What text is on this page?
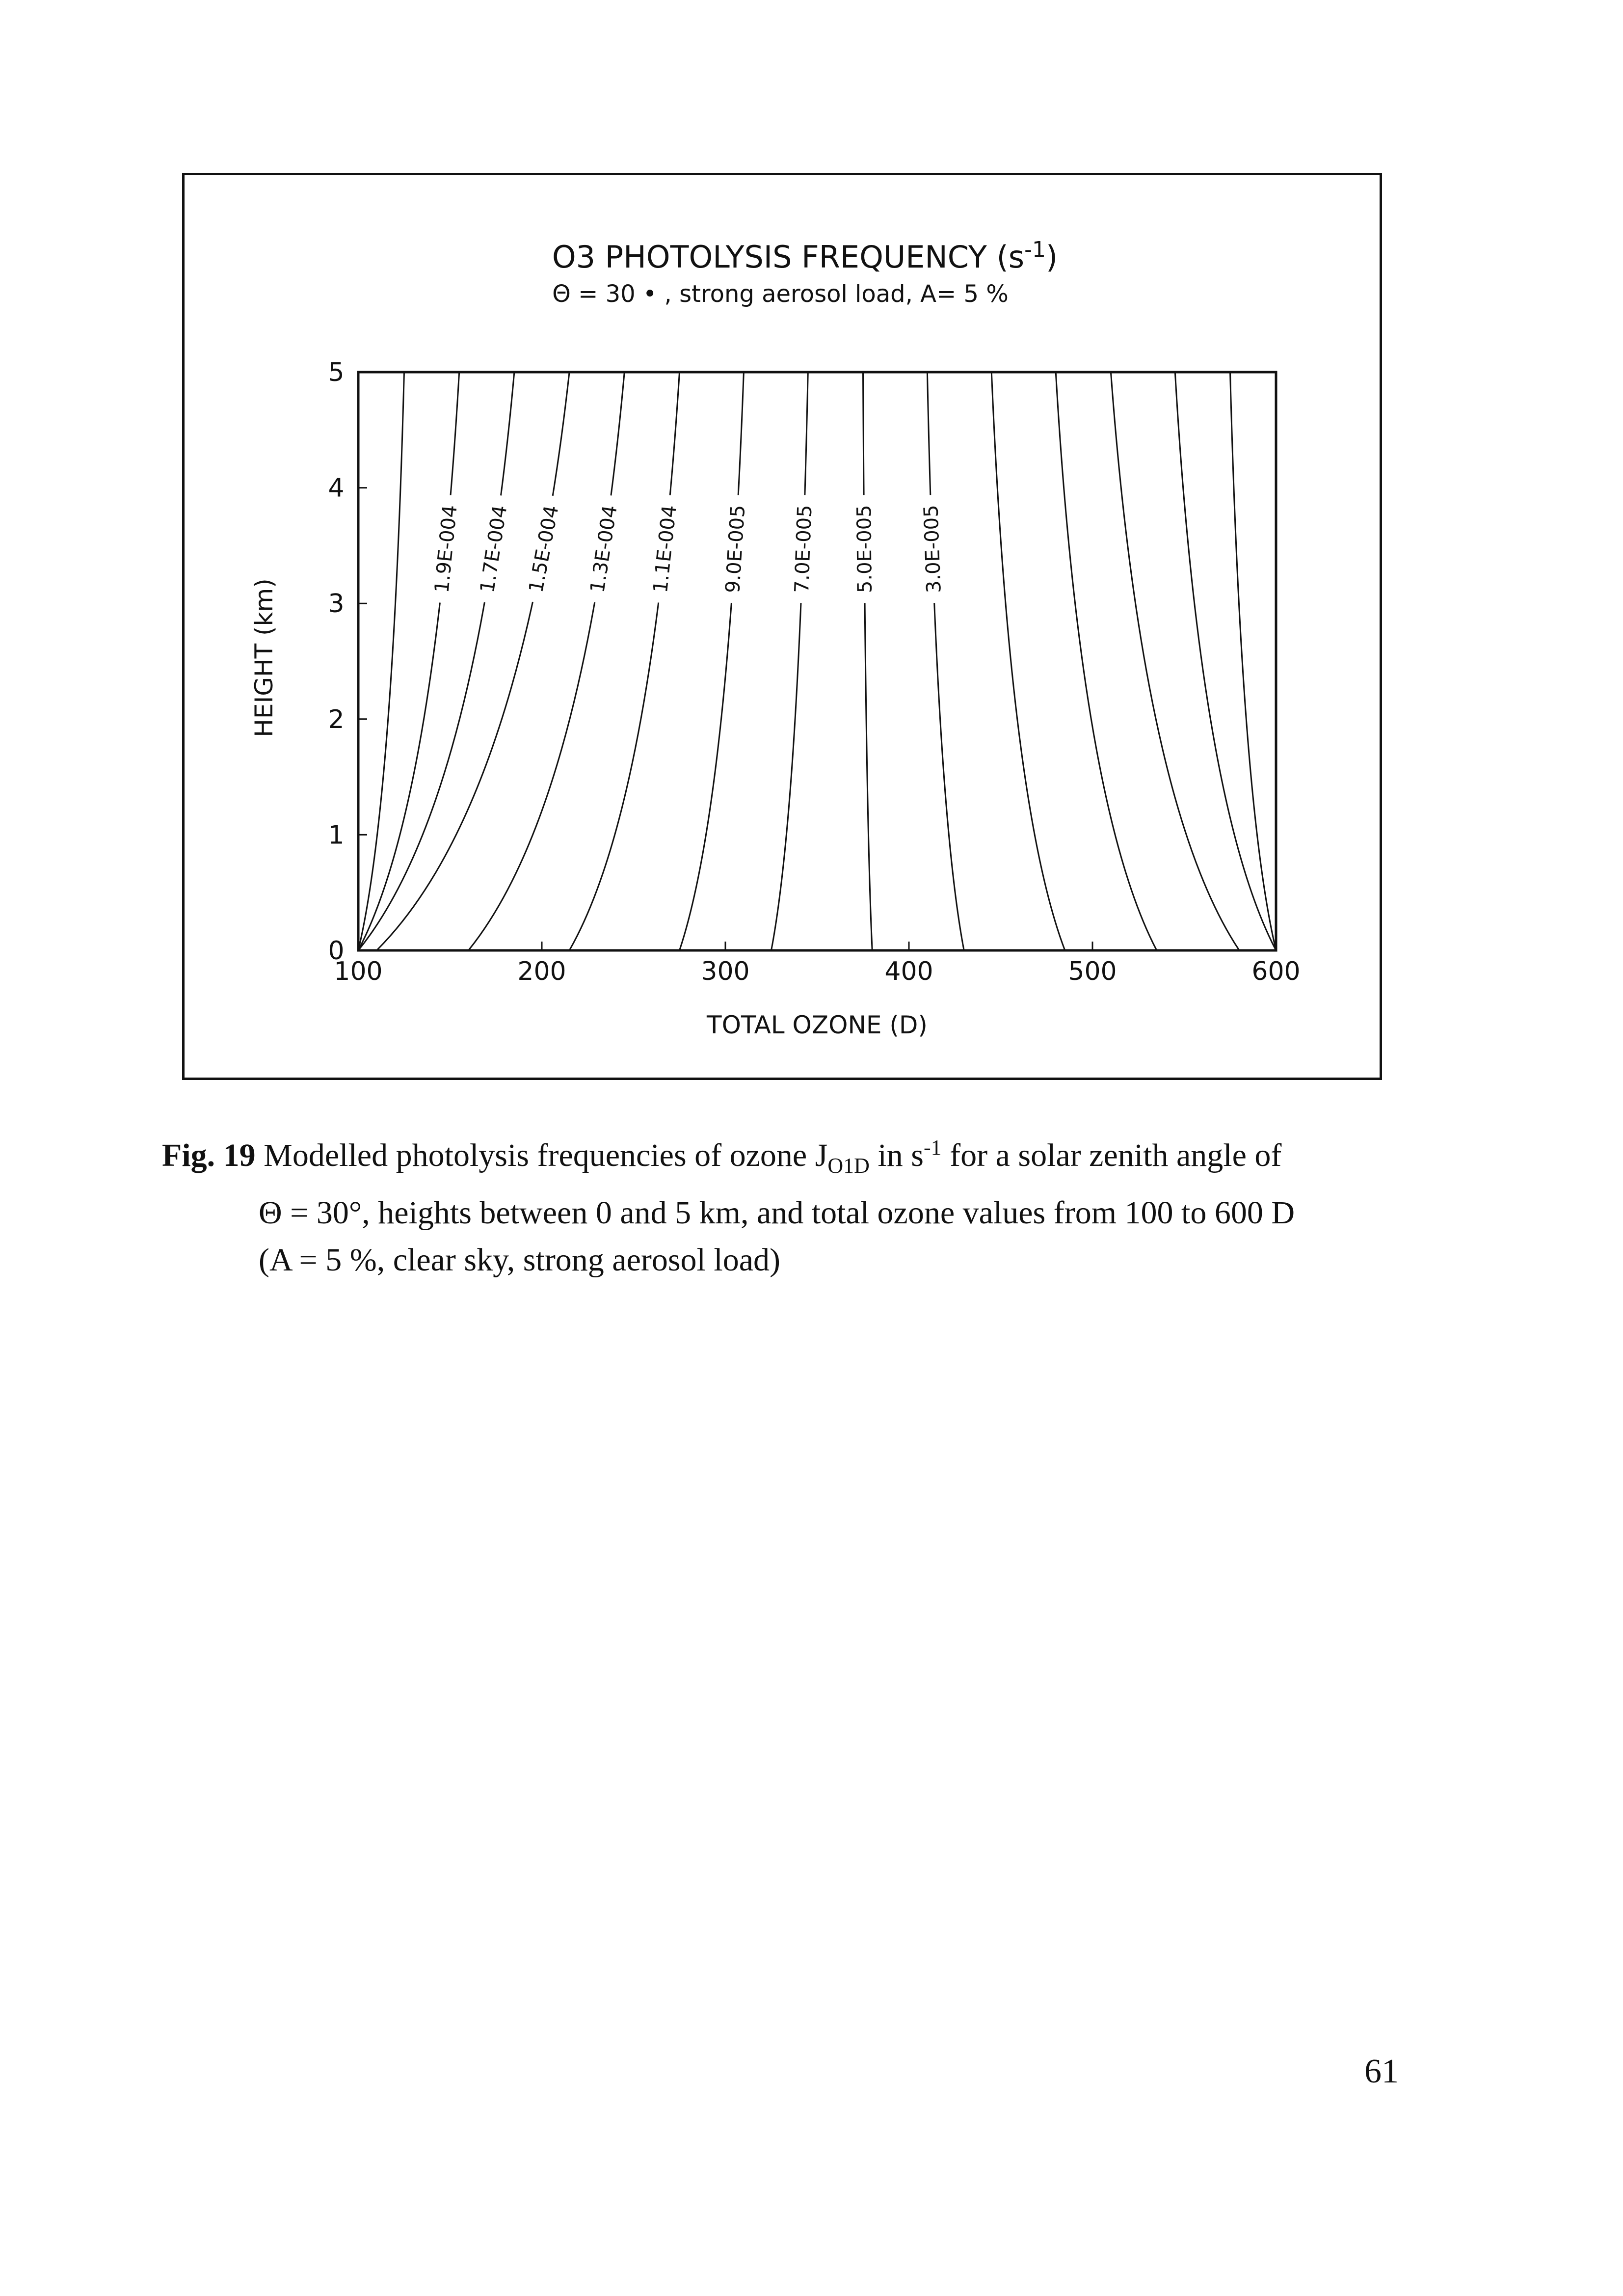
O3 PHOTOLYSIS FREQUENCY $(s^{-1})$
Θ = 30 • , strong aerosol load, A= 5 %
HEIGHT (km)
TOTAL OZONE (D)
100	200	300	400	500	600
0
1
2
3
4
5
1.9E-004 1.7E-004 1.5E-004 1.3E-004 1.1E-004 9.0E-005 7.0E-005 5.0E-005 3.0E-005
Fig. 19 Modelled photolysis frequencies of ozone $J_{O1D}$ in $s^{-1}$ for a solar zenith angle of
Θ = 30°, heights between 0 and 5 km, and total ozone values from 100 to 600 D
(A = 5 %, clear sky, strong aerosol load)
61
